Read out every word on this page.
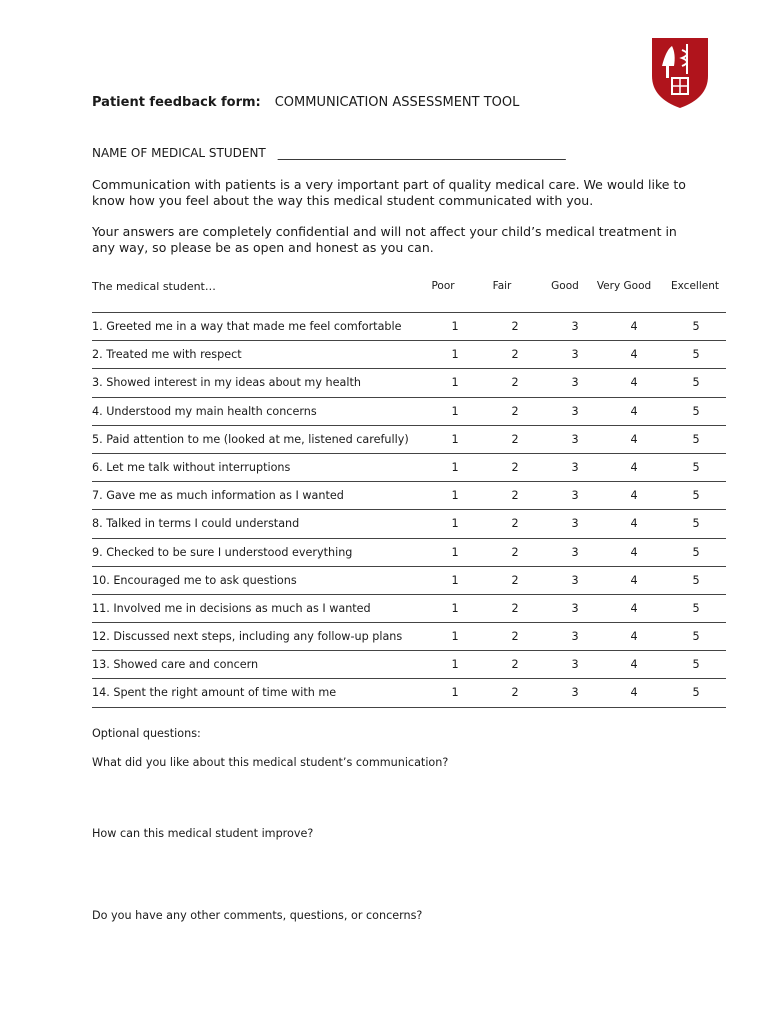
Patient feedback form: COMMUNICATION ASSESSMENT TOOL
NAME OF MEDICAL STUDENT ________________________________________________
Communication with patients is a very important part of quality medical care. We would like to know how you feel about the way this medical student communicated with you.
Your answers are completely confidential and will not affect your child’s medical treatment in any way, so please be as open and honest as you can.
The medical student…	Poor	Fair	Good	Very Good	Excellent
1. Greeted me in a way that made me feel comfortable	1	2	3	4	5
2. Treated me with respect	1	2	3	4	5
3. Showed interest in my ideas about my health	1	2	3	4	5
4. Understood my main health concerns	1	2	3	4	5
5. Paid attention to me (looked at me, listened carefully)	1	2	3	4	5
6. Let me talk without interruptions	1	2	3	4	5
7. Gave me as much information as I wanted	1	2	3	4	5
8. Talked in terms I could understand	1	2	3	4	5
9. Checked to be sure I understood everything	1	2	3	4	5
10. Encouraged me to ask questions	1	2	3	4	5
11. Involved me in decisions as much as I wanted	1	2	3	4	5
12. Discussed next steps, including any follow-up plans	1	2	3	4	5
13. Showed care and concern	1	2	3	4	5
14. Spent the right amount of time with me	1	2	3	4	5
Optional questions:
What did you like about this medical student’s communication?
How can this medical student improve?
Do you have any other comments, questions, or concerns?
